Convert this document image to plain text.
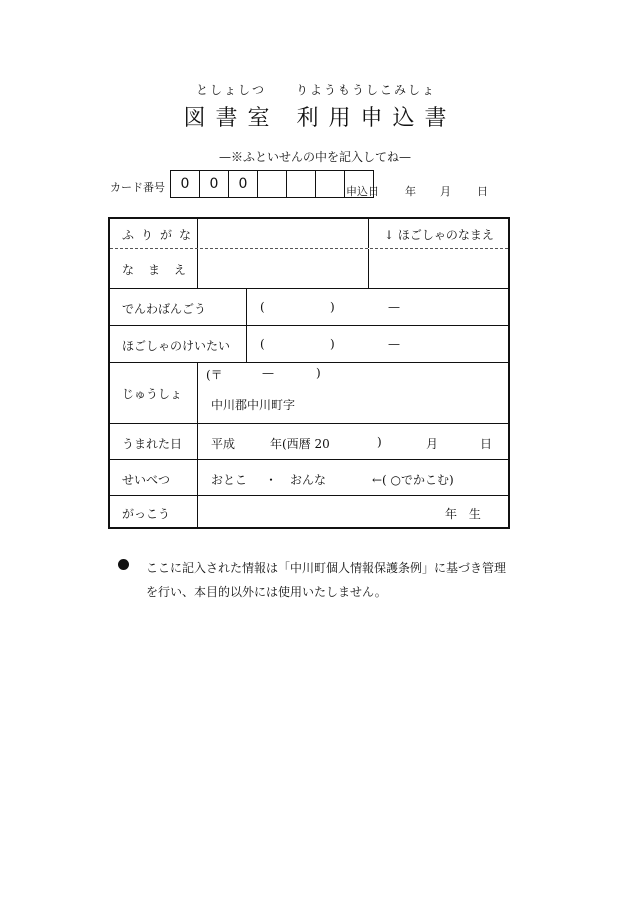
としょしつ りようもうしこみしょ
図書室 利用申込書
—※ふといせんの中を記入してね—
カード番号	0	0	0	申込日 年 月 日
ふりがな	↓ ほごしゃのなまえ
なまえ
でんわばんごう	(	)	—
ほごしゃのけいたい (	)	—
じゅうしょ
(〒	—	)
中川郡中川町字
うまれた日 平成	年(西暦 20	)	月	日
せいべつ	おとこ ・ おんな	←( ○でかこむ)
がっこう	年 生
ここに記入された情報は「中川町個人情報保護条例」に基づき管理を行い、本目的以外には使用いたしません。
